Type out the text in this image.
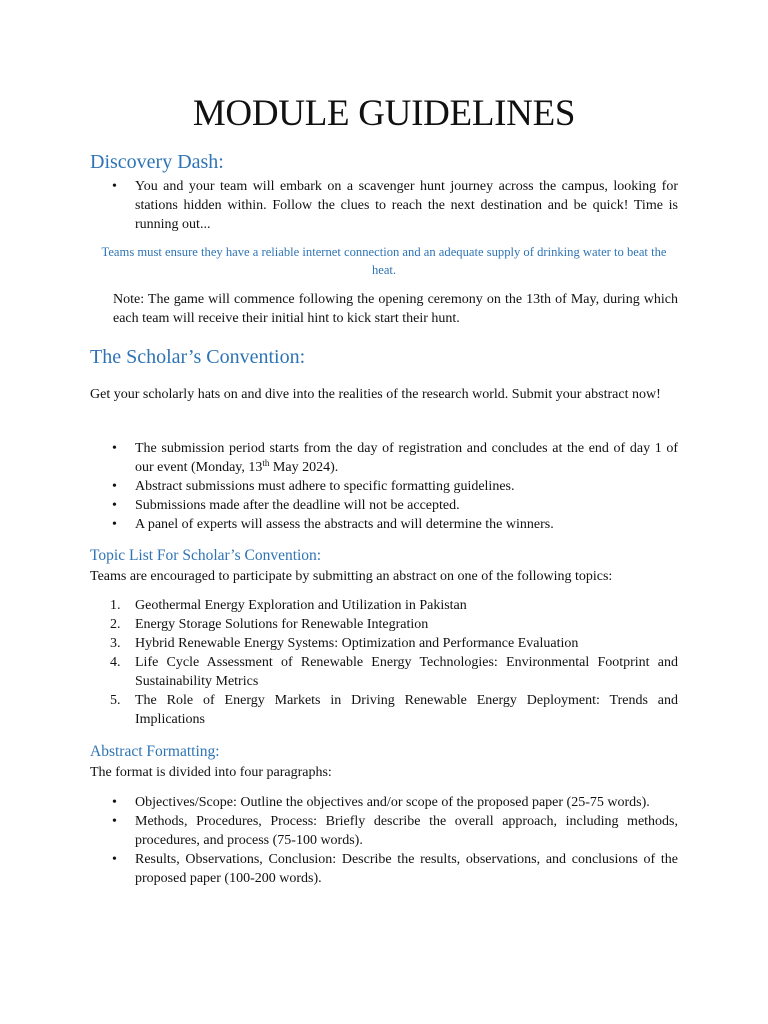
MODULE GUIDELINES
Discovery Dash:
• You and your team will embark on a scavenger hunt journey across the campus, looking for stations hidden within. Follow the clues to reach the next destination and be quick! Time is running out...
Teams must ensure they have a reliable internet connection and an adequate supply of drinking water to beat the heat.
Note: The game will commence following the opening ceremony on the 13th of May, during which each team will receive their initial hint to kick start their hunt.
The Scholar’s Convention:
Get your scholarly hats on and dive into the realities of the research world. Submit your abstract now!
• The submission period starts from the day of registration and concludes at the end of day 1 of our event (Monday, 13th May 2024).
• Abstract submissions must adhere to specific formatting guidelines.
• Submissions made after the deadline will not be accepted.
• A panel of experts will assess the abstracts and will determine the winners.
Topic List For Scholar’s Convention:
Teams are encouraged to participate by submitting an abstract on one of the following topics:
1. Geothermal Energy Exploration and Utilization in Pakistan
2. Energy Storage Solutions for Renewable Integration
3. Hybrid Renewable Energy Systems: Optimization and Performance Evaluation
4. Life Cycle Assessment of Renewable Energy Technologies: Environmental Footprint and Sustainability Metrics
5. The Role of Energy Markets in Driving Renewable Energy Deployment: Trends and Implications
Abstract Formatting:
The format is divided into four paragraphs:
• Objectives/Scope: Outline the objectives and/or scope of the proposed paper (25-75 words).
• Methods, Procedures, Process: Briefly describe the overall approach, including methods, procedures, and process (75-100 words).
• Results, Observations, Conclusion: Describe the results, observations, and conclusions of the proposed paper (100-200 words).
